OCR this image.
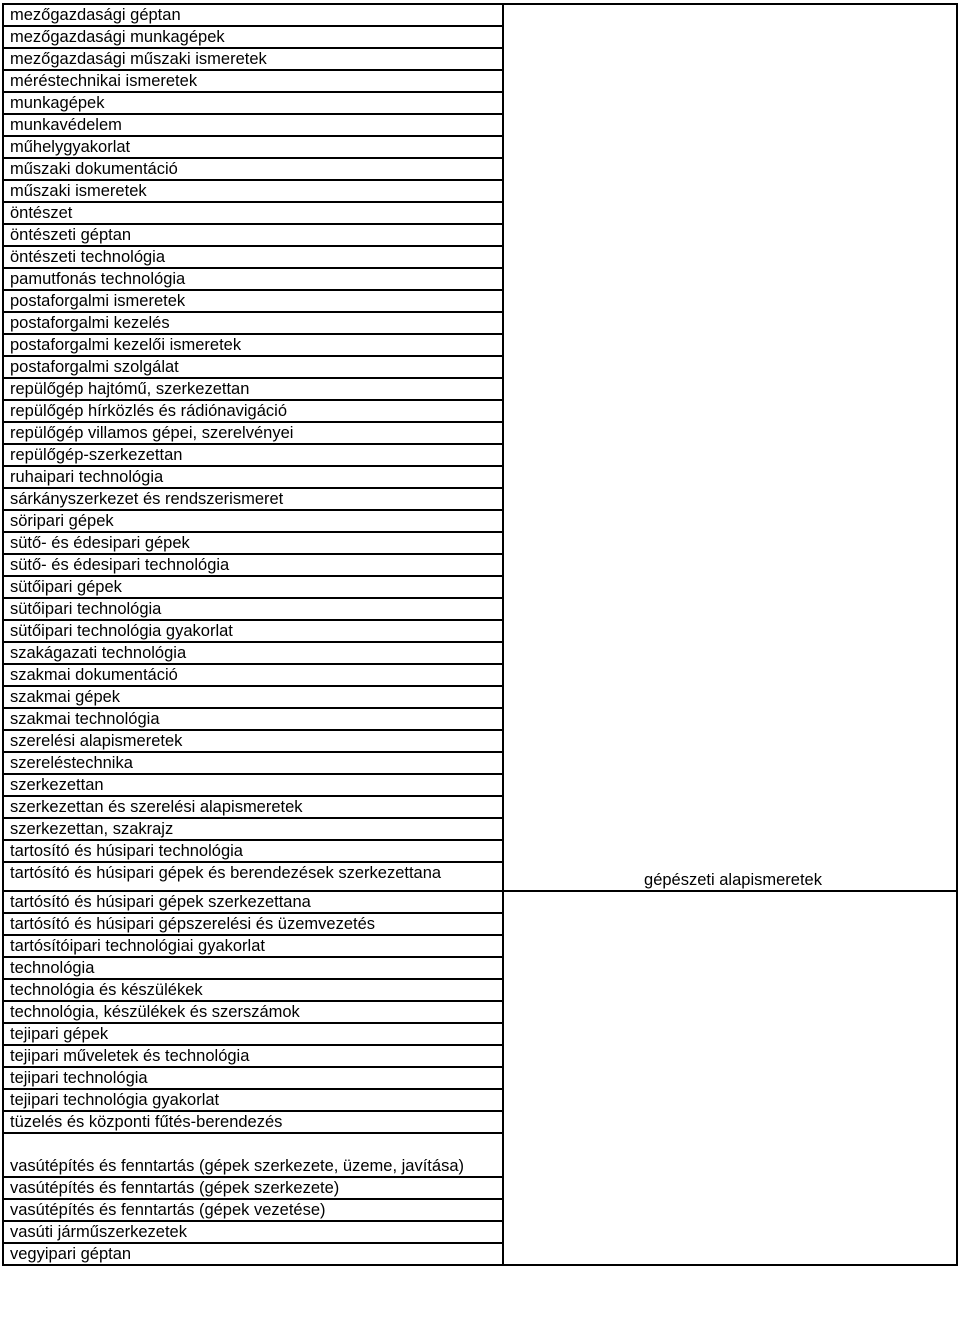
mezőgazdasági géptan	gépészeti alapismeretek
mezőgazdasági munkagépek	
mezőgazdasági műszaki ismeretek	
méréstechnikai ismeretek	
munkagépek	
munkavédelem	
műhelygyakorlat	
műszaki dokumentáció	
műszaki ismeretek	
öntészet	
öntészeti géptan	
öntészeti technológia	
pamutfonás technológia	
postaforgalmi ismeretek	
postaforgalmi kezelés	
postaforgalmi kezelői ismeretek	
postaforgalmi szolgálat	
repülőgép hajtómű, szerkezettan	
repülőgép hírközlés és rádiónavigáció	
repülőgép villamos gépei, szerelvényei	
repülőgép-szerkezettan	
ruhaipari technológia	
sárkányszerkezet és rendszerismeret	
söripari gépek	
sütő- és édesipari gépek	
sütő- és édesipari technológia	
sütőipari gépek	
sütőipari technológia	
sütőipari technológia gyakorlat	
szakágazati technológia	
szakmai dokumentáció	
szakmai gépek	
szakmai technológia	
szerelési alapismeretek	
szereléstechnika	
szerkezettan	
szerkezettan és szerelési alapismeretek	
szerkezettan, szakrajz	
tartosító és húsipari technológia	
tartósító és húsipari gépek és berendezések szerkezettana	
tartósító és húsipari gépek szerkezettana	
tartósító és húsipari gépszerelési és üzemvezetés	
tartósítóipari technológiai gyakorlat	
technológia	
technológia és készülékek	
technológia, készülékek és szerszámok	
tejipari gépek	
tejipari műveletek és technológia	
tejipari technológia	
tejipari technológia gyakorlat	
tüzelés és központi fűtés-berendezés	
vasútépítés és fenntartás (gépek szerkezete, üzeme, javítása)	
vasútépítés és fenntartás (gépek szerkezete)	
vasútépítés és fenntartás (gépek vezetése)	
vasúti járműszerkezetek	
vegyipari géptan	
